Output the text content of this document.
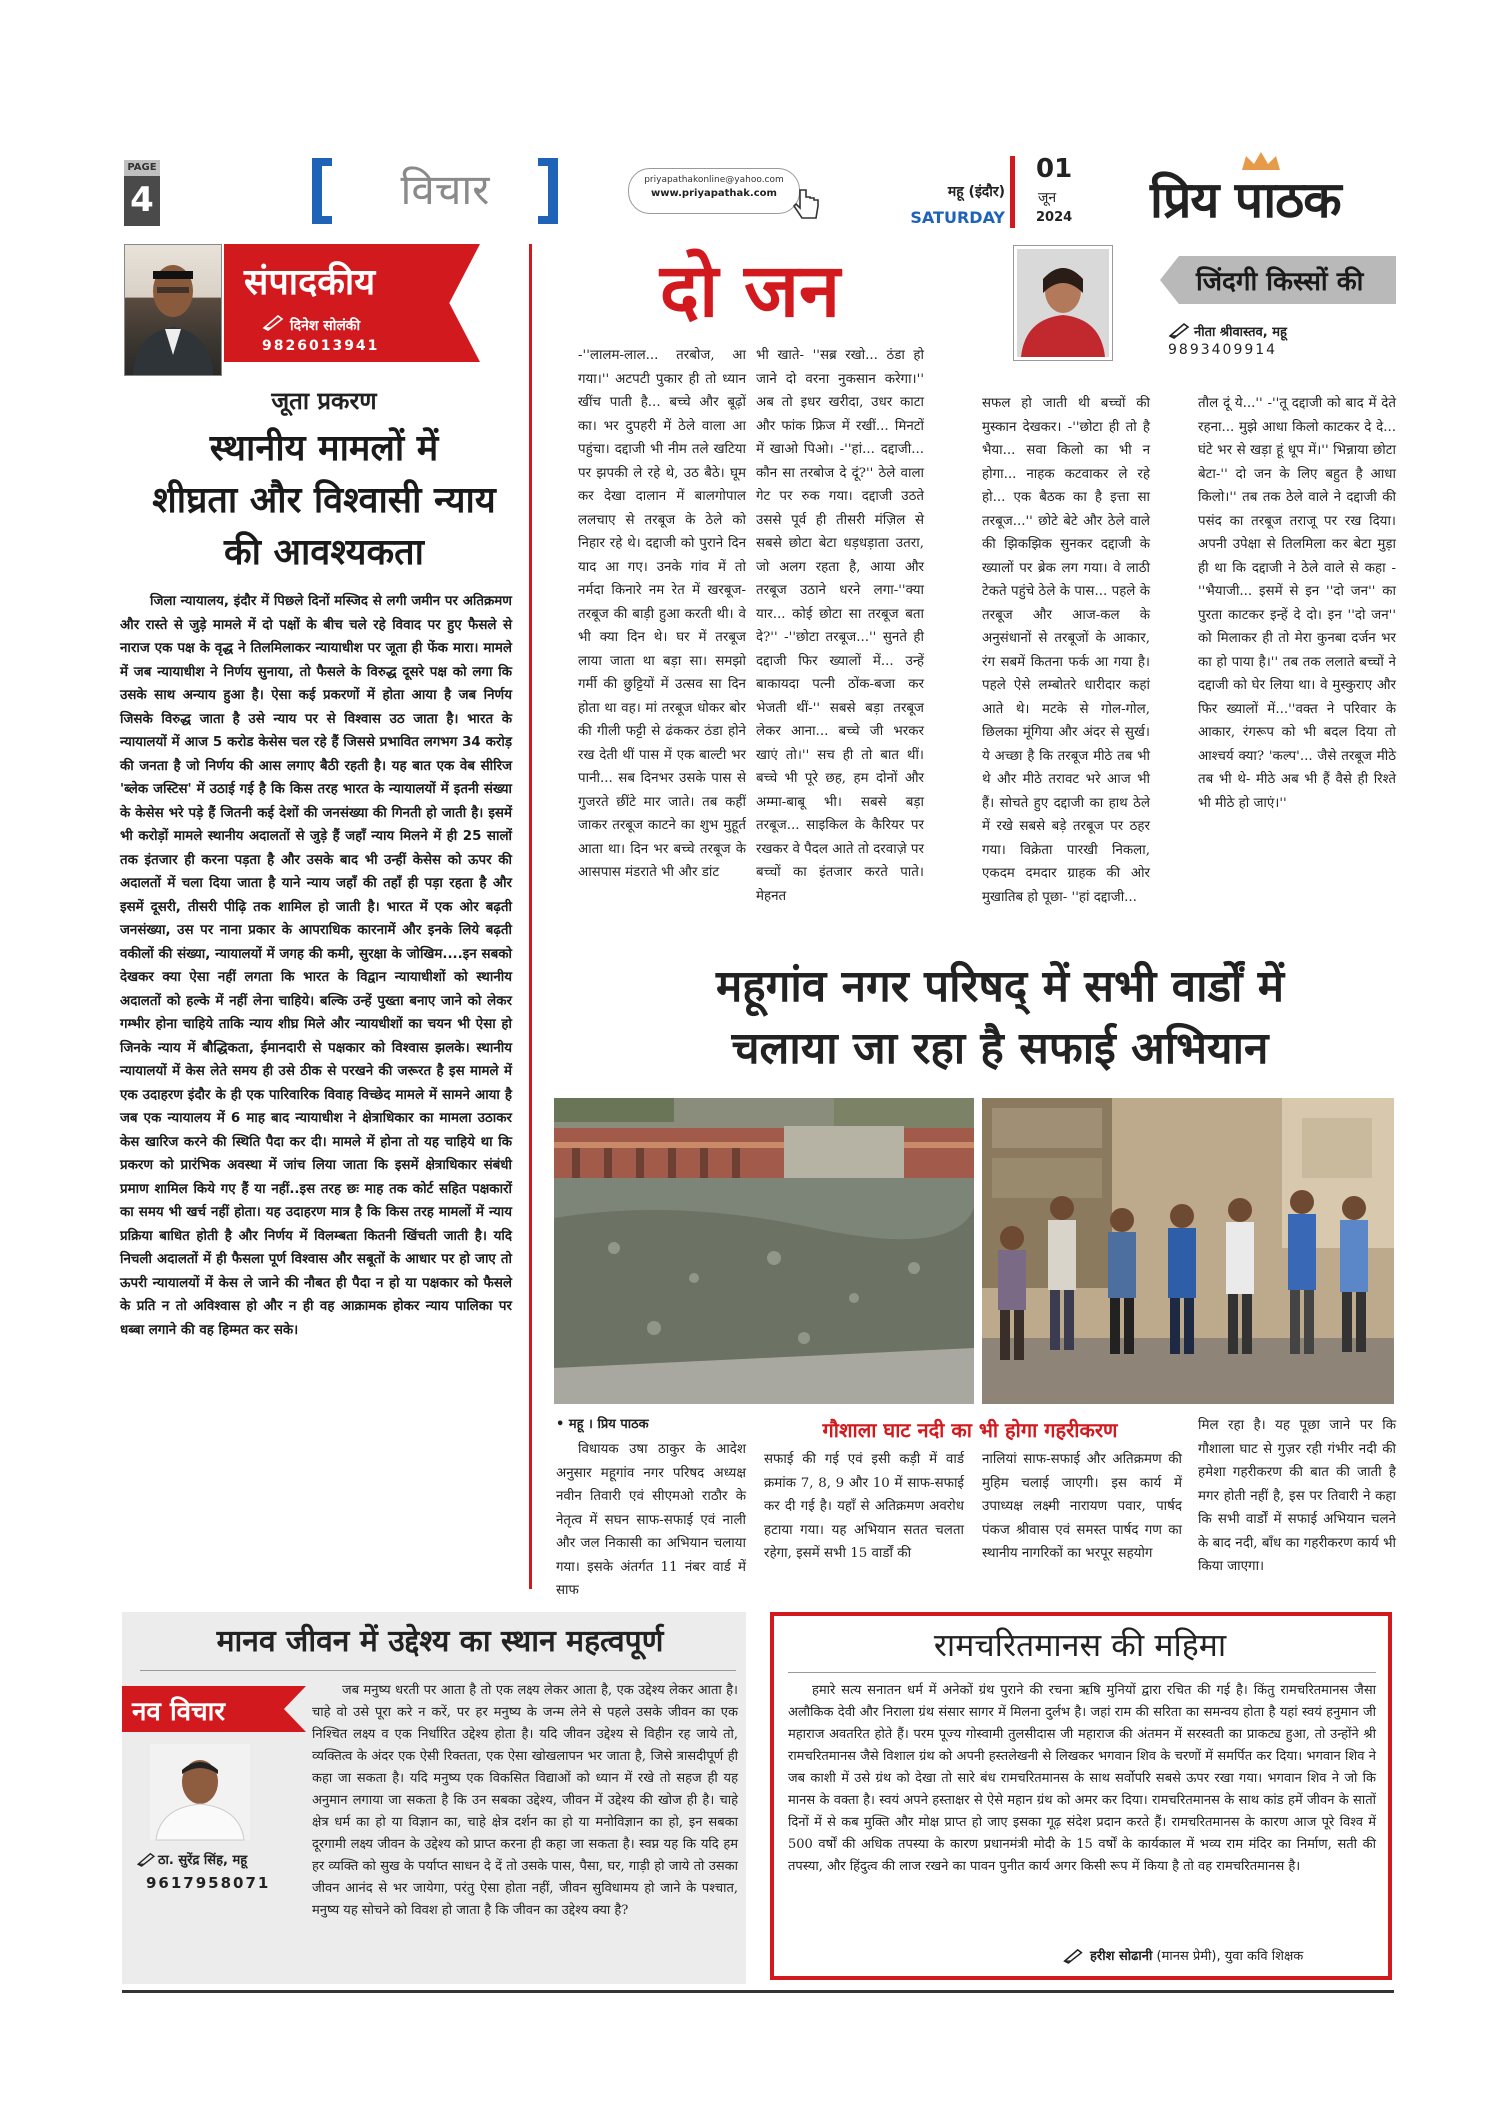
PAGE
4	विचार	priyapathakonline@yahoo.com
www.priyapathak.com	महू (इंदौर)
SATURDAY
01
जून
2024 प्रिय पाठक
संपादकीय
दिनेश सोलंकी
9826013941
जूता प्रकरण
स्थानीय मामलों में
शीघ्रता और विश्वासी न्याय
की आवश्यकता
जिला न्यायालय, इंदौर में पिछले दिनों मस्जिद से लगी जमीन पर अतिक्रमण और रास्ते से जुड़े मामले में दो पक्षों के बीच चले रहे विवाद पर हुए फैसले से नाराज एक पक्ष के वृद्ध ने तिलमिलाकर न्यायाधीश पर जूता ही फेंक मारा। मामले में जब न्यायाधीश ने निर्णय सुनाया, तो फैसले के विरुद्ध दूसरे पक्ष को लगा कि उसके साथ अन्याय हुआ है। ऐसा कई प्रकरणों में होता आया है जब निर्णय जिसके विरुद्ध जाता है उसे न्याय पर से विश्वास उठ जाता है। भारत के न्यायालयों में आज 5 करोड केसेस चल रहे हैं जिससे प्रभावित लगभग 34 करोड़ की जनता है जो निर्णय की आस लगाए बैठी रहती है। यह बात एक वेब सीरिज 'ब्लेक जस्टिस' में उठाई गई है कि किस तरह भारत के न्यायालयों में इतनी संख्या के केसेस भरे पड़े हैं जितनी कई देशों की जनसंख्या की गिनती हो जाती है। इसमें भी करोड़ों मामले स्थानीय अदालतों से जुड़े हैं जहाँ न्याय मिलने में ही 25 सालों तक इंतजार ही करना पड़ता है और उसके बाद भी उन्हीं केसेस को ऊपर की अदालतों में चला दिया जाता है याने न्याय जहाँ की तहाँ ही पड़ा रहता है और इसमें दूसरी, तीसरी पीढ़ि तक शामिल हो जाती है। भारत में एक ओर बढ़ती जनसंख्या, उस पर नाना प्रकार के आपराधिक कारनामें और इनके लिये बढ़ती वकीलों की संख्या, न्यायालयों में जगह की कमी, सुरक्षा के जोखिम....इन सबको देखकर क्या ऐसा नहीं लगता कि भारत के विद्वान न्यायाधीशों को स्थानीय अदालतों को हल्के में नहीं लेना चाहिये। बल्कि उन्हें पुख्ता बनाए जाने को लेकर गम्भीर होना चाहिये ताकि न्याय शीघ्र मिले और न्यायधीशों का चयन भी ऐसा हो जिनके न्याय में बौद्धिकता, ईमानदारी से पक्षकार को विश्वास झलके। स्थानीय न्यायालयों में केस लेते समय ही उसे ठीक से परखने की जरूरत है इस मामले में एक उदाहरण इंदौर के ही एक पारिवारिक विवाह विच्छेद मामले में सामने आया है जब एक न्यायालय में 6 माह बाद न्यायाधीश ने क्षेत्राधिकार का मामला उठाकर केस खारिज करने की स्थिति पैदा कर दी। मामले में होना तो यह चाहिये था कि प्रकरण को प्रारंभिक अवस्था में जांच लिया जाता कि इसमें क्षेत्राधिकार संबंधी प्रमाण शामिल किये गए हैं या नहीं..इस तरह छः माह तक कोर्ट सहित पक्षकारों का समय भी खर्च नहीं होता। यह उदाहरण मात्र है कि किस तरह मामलों में न्याय प्रक्रिया बाधित होती है और निर्णय में विलम्बता कितनी खिंचती जाती है। यदि निचली अदालतों में ही फैसला पूर्ण विश्वास और सबूतों के आधार पर हो जाए तो ऊपरी न्यायालयों में केस ले जाने की नौबत ही पैदा न हो या पक्षकार को फैसले के प्रति न तो अविश्वास हो और न ही वह आक्रामक होकर न्याय पालिका पर धब्बा लगाने की वह हिम्मत कर सके।
दो जन	जिंदगी किस्सों की
नीता श्रीवास्तव, महू
9893409914
-''लालम-लाल... तरबोज, आ गया।'' अटपटी पुकार ही तो ध्यान खींच पाती है... बच्चे और बूढ़ों का। भर दुपहरी में ठेले वाला आ पहुंचा। दद्दाजी भी नीम तले खटिया पर झपकी ले रहे थे, उठ बैठे। घूम कर देखा दालान में बालगोपाल ललचाए से तरबूज के ठेले को निहार रहे थे। दद्दाजी को पुराने दिन याद आ गए। उनके गांव में तो नर्मदा किनारे नम रेत में खरबूज-तरबूज की बाड़ी हुआ करती थी। वे भी क्या दिन थे। घर में तरबूज लाया जाता था बड़ा सा। समझो गर्मी की छुट्टियों में उत्सव सा दिन होता था वह। मां तरबूज धोकर बोर की गीली फट्टी से ढंककर ठंडा होने रख देती थीं पास में एक बाल्टी भर पानी... सब दिनभर उसके पास से गुजरते छींटे मार जाते। तब कहीं जाकर तरबूज काटने का शुभ मुहूर्त आता था। दिन भर बच्चे तरबूज के आसपास मंडराते भी और डांट
भी खाते- ''सब्र रखो... ठंडा हो जाने दो वरना नुकसान करेगा।'' अब तो इधर खरीदा, उधर काटा और फांक फ्रिज में रखीं... मिनटों में खाओ पिओ। -''हां... दद्दाजी... कौन सा तरबोज दे दूं?'' ठेले वाला गेट पर रुक गया। दद्दाजी उठते उससे पूर्व ही तीसरी मंज़िल से सबसे छोटा बेटा धड़धड़ाता उतरा, जो अलग रहता है, आया और तरबूज उठाने धरने लगा-''क्या यार... कोई छोटा सा तरबूज बता दे?'' -''छोटा तरबूज...'' सुनते ही दद्दाजी फिर ख्यालों में... उन्हें बाकायदा पत्नी ठोंक-बजा कर भेजती थीं-'' सबसे बड़ा तरबूज लेकर आना... बच्चे जी भरकर खाएं तो।'' सच ही तो बात थीं। बच्चे भी पूरे छह, हम दोनों और अम्मा-बाबू भी। सबसे बड़ा तरबूज... साइकिल के कैरियर पर रखकर वे पैदल आते तो दरवाज़े पर बच्चों का इंतजार करते पाते। मेहनत
सफल हो जाती थी बच्चों की मुस्कान देखकर। -''छोटा ही तो है भैया... सवा किलो का भी न होगा... नाहक कटवाकर ले रहे हो... एक बैठक का है इत्ता सा तरबूज...'' छोटे बेटे और ठेले वाले की झिकझिक सुनकर दद्दाजी के ख्यालों पर ब्रेक लग गया। वे लाठी टेकते पहुंचे ठेले के पास... पहले के तरबूज और आज-कल के अनुसंधानों से तरबूजों के आकार, रंग सबमें कितना फर्क आ गया है। पहले ऐसे लम्बोतरे धारीदार कहां आते थे। मटके से गोल-गोल, छिलका मूंगिया और अंदर से सुर्ख। ये अच्छा है कि तरबूज मीठे तब भी थे और मीठे तरावट भरे आज भी हैं। सोचते हुए दद्दाजी का हाथ ठेले में रखे सबसे बड़े तरबूज पर ठहर गया। विक्रेता पारखी निकला, एकदम दमदार ग्राहक की ओर मुखातिब हो पूछा- ''हां दद्दाजी...
तौल दूं ये...'' -''तू दद्दाजी को बाद में देते रहना... मुझे आधा किलो काटकर दे दे... घंटे भर से खड़ा हूं धूप में।'' भिन्नाया छोटा बेटा-'' दो जन के लिए बहुत है आधा किलो।'' तब तक ठेले वाले ने दद्दाजी की पसंद का तरबूज तराजू पर रख दिया। अपनी उपेक्षा से तिलमिला कर बेटा मुड़ा ही था कि दद्दाजी ने ठेले वाले से कहा -''भैयाजी... इसमें से इन ''दो जन'' का पुरता काटकर इन्हें दे दो। इन ''दो जन'' को मिलाकर ही तो मेरा कुनबा दर्जन भर का हो पाया है।'' तब तक ललाते बच्चों ने दद्दाजी को घेर लिया था। वे मुस्कुराए और फिर ख्यालों में...''वक्त ने परिवार के आकार, रंगरूप को भी बदल दिया तो आश्चर्य क्या? 'कल्प'... जैसे तरबूज मीठे तब भी थे- मीठे अब भी हैं वैसे ही रिश्ते भी मीठे हो जाएं।''
महूगांव नगर परिषद् में सभी वार्डों में
चलाया जा रहा है सफाई अभियान
• महू । प्रिय पाठक	गौशाला घाट नदी का भी होगा गहरीकरण
विधायक उषा ठाकुर के आदेश अनुसार महूगांव नगर परिषद अध्यक्ष नवीन तिवारी एवं सीएमओ राठौर के नेतृत्व में सघन साफ-सफाई एवं नाली और जल निकासी का अभियान चलाया गया। इसके अंतर्गत 11 नंबर वार्ड में साफ
सफाई की गई एवं इसी कड़ी में वार्ड क्रमांक 7, 8, 9 और 10 में साफ-सफाई कर दी गई है। यहाँ से अतिक्रमण अवरोध हटाया गया। यह अभियान सतत चलता रहेगा, इसमें सभी 15 वार्डों की
नालियां साफ-सफाई और अतिक्रमण की मुहिम चलाई जाएगी। इस कार्य में उपाध्यक्ष लक्ष्मी नारायण पवार, पार्षद पंकज श्रीवास एवं समस्त पार्षद गण का स्थानीय नागरिकों का भरपूर सहयोग
मिल रहा है। यह पूछा जाने पर कि गौशाला घाट से गुज़र रही गंभीर नदी की हमेशा गहरीकरण की बात की जाती है मगर होती नहीं है, इस पर तिवारी ने कहा कि सभी वार्डों में सफाई अभियान चलने के बाद नदी, बाँध का गहरीकरण कार्य भी किया जाएगा।
मानव जीवन में उद्देश्य का स्थान महत्वपूर्ण
नव विचार
ठा. सुरेंद्र सिंह, महू
9617958071
जब मनुष्य धरती पर आता है तो एक लक्ष्य लेकर आता है, एक उद्देश्य लेकर आता है। चाहे वो उसे पूरा करे न करें, पर हर मनुष्य के जन्म लेने से पहले उसके जीवन का एक निश्चित लक्ष्य व एक निर्धारित उद्देश्य होता है। यदि जीवन उद्देश्य से विहीन रह जाये तो, व्यक्तित्व के अंदर एक ऐसी रिक्तता, एक ऐसा खोखलापन भर जाता है, जिसे त्रासदीपूर्ण ही कहा जा सकता है। यदि मनुष्य एक विकसित विद्याओं को ध्यान में रखे तो सहज ही यह अनुमान लगाया जा सकता है कि उन सबका उद्देश्य, जीवन में उद्देश्य की खोज ही है। चाहे क्षेत्र धर्म का हो या विज्ञान का, चाहे क्षेत्र दर्शन का हो या मनोविज्ञान का हो, इन सबका दूरगामी लक्ष्य जीवन के उद्देश्य को प्राप्त करना ही कहा जा सकता है। स्वप्न यह कि यदि हम हर व्यक्ति को सुख के पर्याप्त साधन दे दें तो उसके पास, पैसा, घर, गाड़ी हो जाये तो उसका जीवन आनंद से भर जायेगा, परंतु ऐसा होता नहीं, जीवन सुविधामय हो जाने के पश्चात, मनुष्य यह सोचने को विवश हो जाता है कि जीवन का उद्देश्य क्या है?
रामचरितमानस की महिमा
हमारे सत्य सनातन धर्म में अनेकों ग्रंथ पुराने की रचना ऋषि मुनियों द्वारा रचित की गई है। किंतु रामचरितमानस जैसा अलौकिक देवी और निराला ग्रंथ संसार सागर में मिलना दुर्लभ है। जहां राम की सरिता का समन्वय होता है यहां स्वयं हनुमान जी महाराज अवतरित होते हैं। परम पूज्य गोस्वामी तुलसीदास जी महाराज की अंतमन में सरस्वती का प्राकट्य हुआ, तो उन्होंने श्री रामचरितमानस जैसे विशाल ग्रंथ को अपनी हस्तलेखनी से लिखकर भगवान शिव के चरणों में समर्पित कर दिया। भगवान शिव ने जब काशी में उसे ग्रंथ को देखा तो सारे बंध रामचरितमानस के साथ सर्वोपरि सबसे ऊपर रखा गया। भगवान शिव ने जो कि मानस के वक्ता है। स्वयं अपने हस्ताक्षर से ऐसे महान ग्रंथ को अमर कर दिया। रामचरितमानस के साथ कांड हमें जीवन के सातों दिनों में से कब मुक्ति और मोक्ष प्राप्त हो जाए इसका गूढ़ संदेश प्रदान करते हैं। रामचरितमानस के कारण आज पूरे विश्व में 500 वर्षों की अधिक तपस्या के कारण प्रधानमंत्री मोदी के 15 वर्षों के कार्यकाल में भव्य राम मंदिर का निर्माण, सती की तपस्या, और हिंदुत्व की लाज रखने का पावन पुनीत कार्य अगर किसी रूप में किया है तो वह रामचरितमानस है।
हरीश सोढानी (मानस प्रेमी), युवा कवि शिक्षक
